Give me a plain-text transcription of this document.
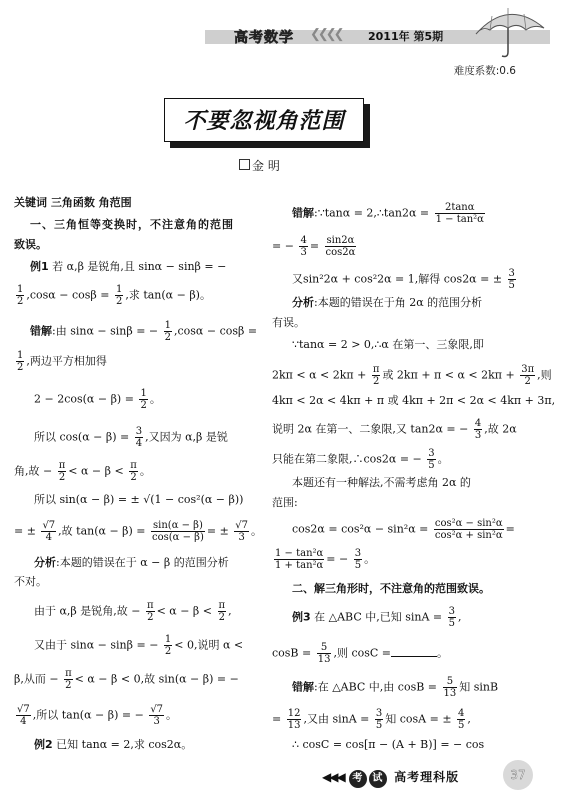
高考数学 ❮❮❮❮ 2011年 第5期
难度系数:0.6
不要忽视角范围
金 明
关键词 三角函数 角范围
一、三角恒等变换时，不注意角的范围
致误。
例1 若 α,β 是锐角,且 sinα − sinβ = −
$\frac{1}{2} ,\cos\alpha - \cos\beta = \frac{1}{2}$ ,求 tan(α − β)。
错解:由 sinα − sinβ = − $\frac{1}{2} ,\cos\alpha - \cos\beta$ =
$\frac{1}{2}$ ,两边平方相加得
$2 - 2\cos(\alpha - \beta) = \frac{1}{2}$ 。
所以 $\cos(\alpha - \beta) = \frac{3}{4}$ ,又因为 α,β 是锐
角,故 − $\frac{\pi}{2} < \alpha - \beta < \frac{\pi}{2}$ 。
所以 sin(α − β) = ± √(1 − cos²(α − β))
= ± $\frac{√7}{4}$ ,故 $\tan(\alpha - \beta) = \frac{\sin(\alpha - \beta)}{\cos(\alpha - \beta)}$ = ± $\frac{√7}{3}$ 。
分析:本题的错误在于 α − β 的范围分析
不对。
由于 α,β 是锐角,故 − $\frac{\pi}{2} < \alpha - \beta < \frac{\pi}{2}$ ,
又由于 sinα − sinβ = − $\frac{1}{2} < 0$,说明 α <
β,从而 − $\frac{\pi}{2} < \alpha - \beta < 0$,故 sin(α − β) = −
$\frac{√7}{4}$ ,所以 tan(α − β) = − $\frac{√7}{3}$ 。
例2 已知 tanα = 2,求 cos2α。
错解:∵tanα = 2,∴tan2α = $\frac{2\tan\alpha}{\text{1 − tan²α}}$
= − $\frac{4}{3} = \frac{\sin 2\alpha}{\cos 2\alpha}$
又sin²2α + cos²2α = 1,解得 cos2α = ± $\frac{3}{5}$
分析:本题的错误在于角 2α 的范围分析
有误。
∵tanα = 2 > 0,∴α 在第一、三象限,即
$2k\pi < \alpha < 2k\pi + \frac{\pi}{2}$ 或 $2k\pi + \pi < \alpha < 2k\pi + \frac{3\pi}{2}$ ,则
4kπ < 2α < 4kπ + π 或 4kπ + 2π < 2α < 4kπ + 3π,
说明 2α 在第一、二象限,又 tan2α = − $\frac{4}{3}$ ,故 2α
只能在第二象限,∴cos2α = − $\frac{3}{5}$ 。
本题还有一种解法,不需考虑角 2α 的
范围:
$\cos 2\alpha = \cos^2\alpha - \sin^2\alpha = \frac{\text{cos²α − sin²α}}{\text{cos²α + sin²α}}$ =
$\frac{\text{1 − tan²α}}{\text{1 + tan²α}}$ = − $\frac{3}{5}$ 。
二、解三角形时，不注意角的范围致误。
例3 在 △ABC 中,已知 $\sin A = \frac{3}{5}$ ,
$\cos B = \frac{5}{13}$ ,则 cosC =	。
错解:在 △ABC 中,由 $\cos B = \frac{5}{13}$ 知 sinB
= $\frac{12}{13}$ ,又由 $\sin A = \frac{3}{5}$ 知 cosA = ± $\frac{4}{5}$ ,
∴ cosC = cos[π − (A + B)] = − cos
◀◀◀ 考 试 高考理科版	37
